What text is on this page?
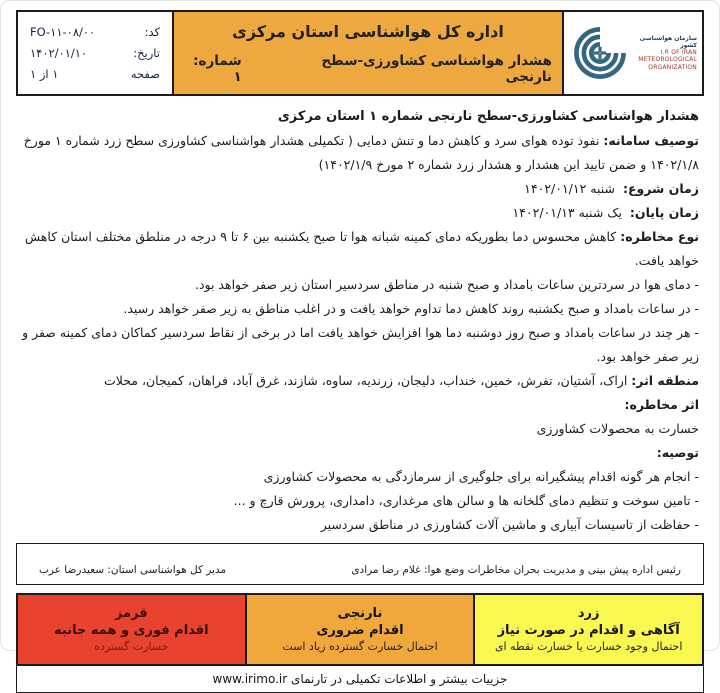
سازمان هواشناسی کشور
I.R OF IRAN
METEOROLOGICAL
ORGANIZATION
اداره کل هواشناسی استان مرکزی
هشدار هواشناسی کشاورزی-سطح نارنجی
شماره: ۱
کد:
FO-۱۱-۰۸/۰۰
تاریخ:
۱۴۰۲/۰۱/۱۰
صفحه
۱ از ۱

هشدار هواشناسی کشاورزی-سطح نارنجی شماره ۱ استان مرکزی

توصیف سامانه: نفوذ توده هوای سرد و کاهش دما و تنش دمایی ( تکمیلی هشدار هواشناسی کشاورزی سطح زرد شماره ۱ مورخ ۱۴۰۲/۱/۸ و ضمن تایید این هشدار و هشدار زرد شماره ۲ مورخ ۱۴۰۲/۱/۹)

زمان شروع:  شنبه ۱۴۰۲/۰۱/۱۲

زمان پایان:  یک شنبه ۱۴۰۲/۰۱/۱۳

نوع مخاطره: کاهش محسوس دما بطوریکه دمای کمینه شبانه هوا تا صبح یکشنبه بین ۶ تا ۹ درجه در منلطق مختلف استان کاهش خواهد یافت.

- دمای هوا در سردترین ساعات بامداد و صبح شنبه در مناطق سردسیر استان زیر صفر خواهد بود.

- در ساعات بامداد و صبح یکشنبه روند کاهش دما تداوم خواهد یافت و در اغلب مناطق به زیر صفر خواهد رسید.

- هر چند در ساعات بامداد و صبح روز دوشنبه دما هوا افزایش خواهد یافت اما در برخی از نقاط سردسیر کماکان دمای کمینه صفر و زیر صفر خواهد بود.

منطقه اثر: اراک، آشتیان، تفرش، خمین، خنداب، دلیجان، زرندیه، ساوه، شازند، غرق آباد، فراهان، کمیجان، محلات

اثر مخاطره:

خسارت به محصولات کشاورزی

توصیه:

- انجام هر گونه اقدام پیشگیرانه برای جلوگیری از سرمازدگی به محصولات کشاورزی

- تامین سوخت و تنظیم دمای گلخانه ها و سالن های مرغداری، دامداری، پرورش قارچ و ...

- حفاظت از تاسیسات آبیاری و ماشین آلات کشاورزی در مناطق سردسیر

رئیس اداره پیش بینی و مدیریت بحران مخاطرات وضع هوا: غلام رضا مرادی
مدیر کل هواشناسی استان: سعیدرضا عرب
زرد
آگاهی و اقدام در صورت نیاز
احتمال وجود خسارت یا خسارت نقطه ای
نارنجی
اقدام ضروری
احتمال خسارت گسترده زیاد است
قرمز
اقدام فوری و همه جانبه
خسارت گسترده
جزییات بیشتر و اطلاعات تکمیلی در تارنمای www.irimo.ir
